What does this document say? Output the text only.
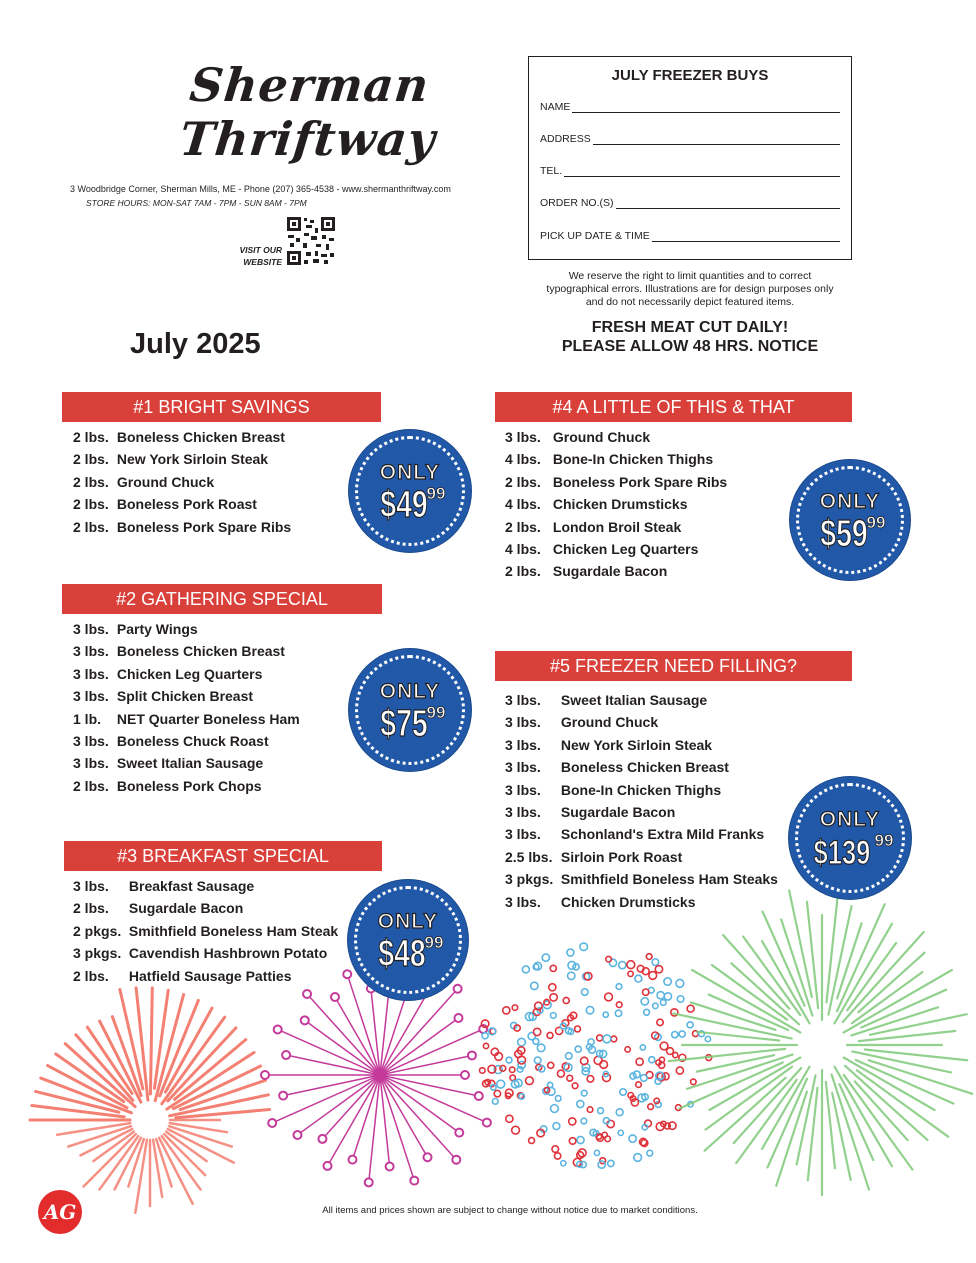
Sherman
Thriftway
3 Woodbridge Corner, Sherman Mills, ME - Phone (207) 365-4538 - www.shermanthriftway.com
STORE HOURS: MON-SAT 7AM - 7PM - SUN 8AM - 7PM
VISIT OUR
WEBSITE
July 2025
JULY FREEZER BUYS
NAME
ADDRESS
TEL.
ORDER NO.(S)
PICK UP DATE & TIME
We reserve the right to limit quantities and to correct
typographical errors. Illustrations are for design purposes only
and do not necessarily depict featured items.
FRESH MEAT CUT DAILY!
PLEASE ALLOW 48 HRS. NOTICE
#1 BRIGHT SAVINGS
2 lbs. Boneless Chicken Breast
2 lbs. New York Sirloin Steak
2 lbs. Ground Chuck
2 lbs. Boneless Pork Roast
2 lbs. Boneless Pork Spare Ribs
ONLY
$49
99
#2 GATHERING SPECIAL
3 lbs. Party Wings
3 lbs. Boneless Chicken Breast
3 lbs. Chicken Leg Quarters
3 lbs. Split Chicken Breast
1 lb. NET Quarter Boneless Ham
3 lbs. Boneless Chuck Roast
3 lbs. Sweet Italian Sausage
2 lbs. Boneless Pork Chops
ONLY
$75
99
#3 BREAKFAST SPECIAL
3 lbs. Breakfast Sausage
2 lbs. Sugardale Bacon
2 pkgs. Smithfield Boneless Ham Steak
3 pkgs. Cavendish Hashbrown Potato
2 lbs. Hatfield Sausage Patties
ONLY
$48
99
#4 A LITTLE OF THIS & THAT
3 lbs. Ground Chuck
4 lbs. Bone-In Chicken Thighs
2 lbs. Boneless Pork Spare Ribs
4 lbs. Chicken Drumsticks
2 lbs. London Broil Steak
4 lbs. Chicken Leg Quarters
2 lbs. Sugardale Bacon
ONLY
$59
99
#5 FREEZER NEED FILLING?
3 lbs. Sweet Italian Sausage
3 lbs. Ground Chuck
3 lbs. New York Sirloin Steak
3 lbs. Boneless Chicken Breast
3 lbs. Bone-In Chicken Thighs
3 lbs. Sugardale Bacon
3 lbs. Schonland's Extra Mild Franks
2.5 lbs. Sirloin Pork Roast
3 pkgs. Smithfield Boneless Ham Steaks
3 lbs. Chicken Drumsticks
ONLY
$139 99
All items and prices shown are subject to change without notice due to market conditions.
AG
